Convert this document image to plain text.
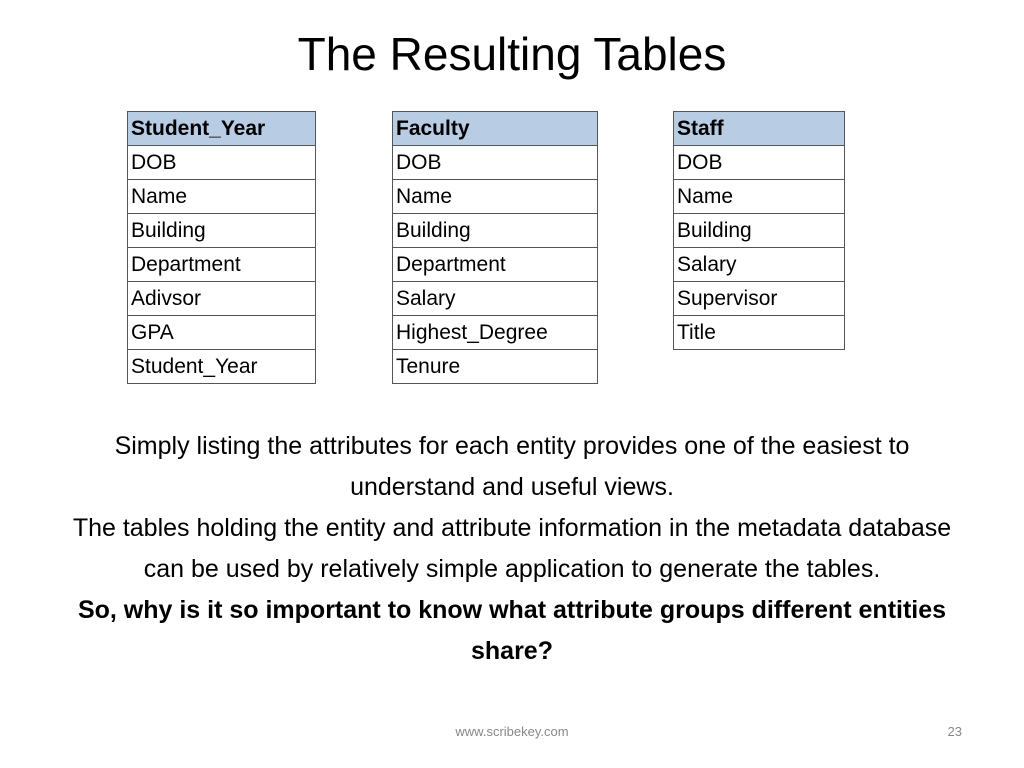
The Resulting Tables
Student_Year
DOB
Name
Building
Department
Adivsor
GPA
Student_Year
Faculty
DOB
Name
Building
Department
Salary
Highest_Degree
Tenure
Staff
DOB
Name
Building
Salary
Supervisor
Title

Simply listing the attributes for each entity provides one of the easiest to understand and useful views.

The tables holding the entity and attribute information in the metadata database can be used by relatively simple application to generate the tables.

So, why is it so important to know what attribute groups different entities share?

www.scribekey.com	23
